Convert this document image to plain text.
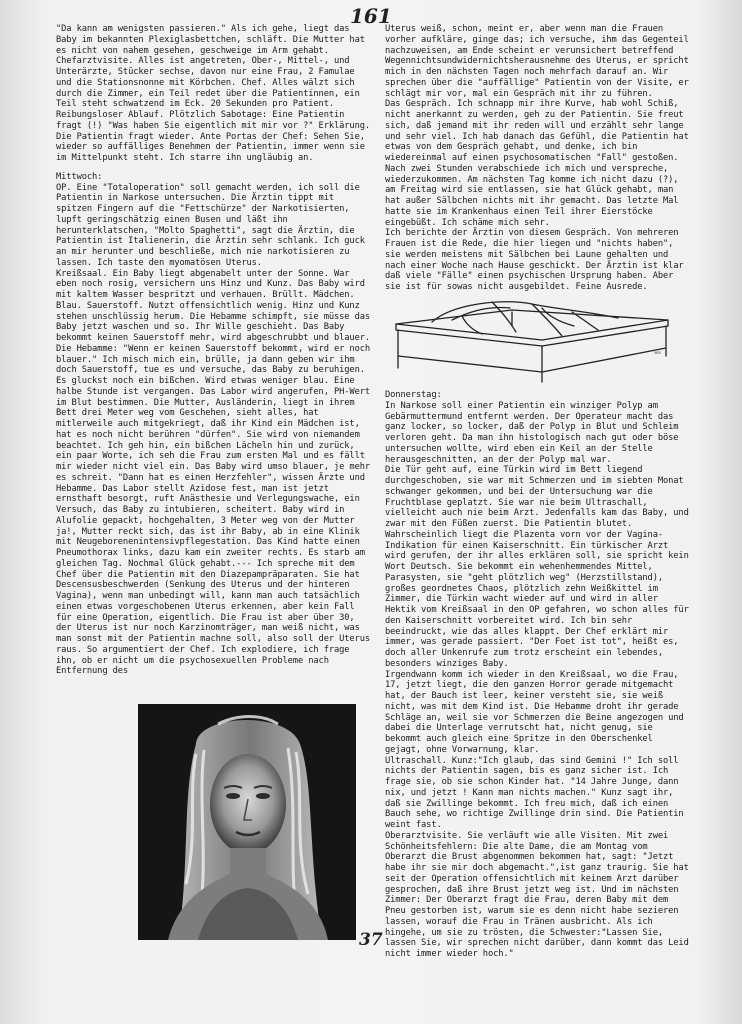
161

"Da kann am wenigsten passieren." Als ich gehe, liegt das Baby im bekannten Plexiglasbettchen, schläft. Die Mutter hat es nicht von nahem gesehen, geschweige im Arm gehabt. Chefarztvisite. Alles ist angetreten, Ober-, Mittel-, und Unterärzte, Stücker sechse, davon nur eine Frau, 2 Famulae und die Stationsnonne mit Körbchen. Chef. Alles wälzt sich durch die Zimmer, ein Teil redet über die Patientinnen, ein Teil steht schwatzend im Eck. 20 Sekunden pro Patient. Reibungsloser Ablauf. Plötzlich Sabotage: Eine Patientin fragt (!) "Was haben Sie eigentlich mit mir vor ?" Erklärung. Die Patientin fragt wieder. Ante Portas der Chef: Sehen Sie, wieder so auffälliges Benehmen der Patientin, immer wenn sie im Mittelpunkt steht. Ich starre ihn ungläubig an.

Mittwoch:
OP. Eine "Totaloperation" soll gemacht werden, ich soll die Patientin in Narkose untersuchen. Die Ärztin tippt mit spitzen Fingern auf die "Fettschürze" der Narkotisierten, lupft geringschätzig einen Busen und läßt ihn herunterklatschen, "Molto Spaghetti", sagt die Ärztin, die Patientin ist Italienerin, die Ärztin sehr schlank. Ich guck an mir herunter und beschließe, mich nie narkotisieren zu lassen. Ich taste den myomatösen Uterus.
Kreißsaal. Ein Baby liegt abgenabelt unter der Sonne. War eben noch rosig, versichern uns Hinz und Kunz. Das Baby wird mit kaltem Wasser bespritzt und verhauen. Brüllt. Mädchen. Blau. Sauerstoff. Nutzt offensichtlich wenig. Hinz und Kunz stehen unschlüssig herum. Die Hebamme schimpft, sie müsse das Baby jetzt waschen und so. Ihr Wille geschieht. Das Baby bekommt keinen Sauerstoff mehr, wird abgeschrubbt und blauer. Die Hebamme: "Wenn er keinen Sauerstoff bekommt, wird er noch blauer." Ich misch mich ein, brülle, ja dann geben wir ihm doch Sauerstoff, tue es und versuche, das Baby zu beruhigen. Es gluckst noch ein bißchen. Wird etwas weniger blau. Eine halbe Stunde ist vergangen. Das Labor wird angerufen, PH-Wert im Blut bestimmen. Die Mutter, Ausländerin, liegt in ihrem Bett drei Meter weg vom Geschehen, sieht alles, hat mitlerweile auch mitgekriegt, daß ihr Kind ein Mädchen ist, hat es noch nicht berühren "dürfen". Sie wird von niemandem beachtet. Ich geh hin, ein bißchen Lächeln hin und zurück, ein paar Worte, ich seh die Frau zum ersten Mal und es fällt mir wieder nicht viel ein. Das Baby wird umso blauer, je mehr es schreit. "Dann hat es einen Herzfehler", wissen Ärzte und Hebamme. Das Labor stellt Azidose fest, man ist jetzt ernsthaft besorgt, ruft Anästhesie und Verlegungswache, ein Versuch, das Baby zu intubieren, scheitert. Baby wird in Alufolie gepackt, hochgehalten, 3 Meter weg von der Mutter ja!, Mutter reckt sich, das ist ihr Baby, ab in eine Klinik mit Neugeborenenintensivpflegestation. Das Kind hatte einen Pneumothorax links, dazu kam ein zweiter rechts. Es starb am gleichen Tag. Nochmal Glück gehabt.--- Ich spreche mit dem Chef über die Patientin mit den Diazepampräparaten. Sie hat Descensusbeschwerden (Senkung des Uterus und der hinteren Vagina), wenn man unbedingt will, kann man auch tatsächlich einen etwas vorgeschobenen Uterus erkennen, aber kein Fall für eine Operation, eigentlich. Die Frau ist aber über 30, der Uterus ist nur noch Karzinomträger, man weiß nicht, was man sonst mit der Patientin machne soll, also soll der Uterus raus. So argumentiert der Chef. Ich explodiere, ich frage ihn, ob er nicht um die psychosexuellen Probleme nach Entfernung des

Uterus weiß, schon, meint er, aber wenn man die Frauen vorher aufkläre, ginge das; ich versuche, ihm das Gegenteil nachzuweisen, am Ende scheint er verunsichert betreffend Wegennichtsundwidernichtsherausnehme des Uterus, er spricht mich in den nächsten Tagen noch mehrfach darauf an. Wir sprechen über die "auffällige" Patientin von der Visite, er schlägt mir vor, mal ein Gespräch mit ihr zu führen.

Das Gespräch. Ich schnapp mir ihre Kurve, hab wohl Schiß, nicht anerkannt zu werden, geh zu der Patientin. Sie freut sich, daß jemand mit ihr reden will und erzählt sehr lange und sehr viel. Ich hab danach das Gefühl, die Patientin hat etwas von dem Gespräch gehabt, und denke, ich bin wiedereinmal auf einen psychosomatischen "Fall" gestoßen. Nach zwei Stunden verabschiede ich mich und verspreche, wiederzukommen. Am nächsten Tag komme ich nicht dazu (?), am Freitag wird sie entlassen, sie hat Glück gehabt, man hat außer Sälbchen nichts mit ihr gemacht. Das letzte Mal hatte sie im Krankenhaus einen Teil ihrer Eierstöcke eingebüßt. Ich schäme mich sehr.

Ich berichte der Ärztin von diesem Gespräch. Von mehreren Frauen ist die Rede, die hier liegen und "nichts haben", sie werden meistens mit Sälbchen bei Laune gehalten und nach einer Woche nach Hause geschickt. Der Ärztin ist klar daß viele "Fälle" einen psychischen Ursprung haben. Aber sie ist für sowas nicht ausgebildet. Feine Ausrede.

ws

Donnerstag:
In Narkose soll einer Patientin ein winziger Polyp am Gebärmuttermund entfernt werden. Der Operateur macht das ganz locker, so locker, daß der Polyp in Blut und Schleim verloren geht. Da man ihn histologisch nach gut oder böse untersuchen wollte, wird eben ein Keil an der Stelle herausgeschnitten, an der der Polyp mal war.

Die Tür geht auf, eine Türkin wird im Bett liegend durchgeschoben, sie war mit Schmerzen und im siebten Monat schwanger gekommen, und bei der Untersuchung war die Fruchtblase geplatzt. Sie war nie beim Ultraschall, vielleicht auch nie beim Arzt. Jedenfalls kam das Baby, und zwar mit den Füßen zuerst. Die Patientin blutet. Wahrscheinlich liegt die Plazenta vorn vor der Vagina-Indikation für einen Kaiserschnitt. Ein türkischer Arzt wird gerufen, der ihr alles erklären soll, sie spricht kein Wort Deutsch. Sie bekommt ein wehenhemmendes Mittel, Parasysten, sie "geht plötzlich weg" (Herzstillstand), großes geordnetes Chaos, plötzlich zehn Weißkittel im Zimmer, die Türkin wacht wieder auf und wird in aller Hektik vom Kreißsaal in den OP gefahren, wo schon alles für den Kaiserschnitt vorbereitet wird. Ich bin sehr beeindruckt, wie das alles klappt. Der Chef erklärt mir immer, was gerade passiert. "Der Foet ist tot", heißt es, doch aller Unkenrufe zum trotz erscheint ein lebendes, besonders winziges Baby.

Irgendwann komm ich wieder in den Kreißsaal, wo die Frau, 17, jetzt liegt, die den ganzen Horror gerade mitgemacht hat, der Bauch ist leer, keiner versteht sie, sie weiß nicht, was mit dem Kind ist. Die Hebamme droht ihr gerade Schläge an, weil sie vor Schmerzen die Beine angezogen und dabei die Unterlage verrutscht hat, nicht genug, sie bekommt auch gleich eine Spritze in den Oberschenkel gejagt, ohne Vorwarnung, klar.

Ultraschall. Kunz:"Ich glaub, das sind Gemini !" Ich soll nichts der Patientin sagen, bis es ganz sicher ist. Ich frage sie, ob sie schon Kinder hat. "14 Jahre Junge, dann nix, und jetzt ! Kann man nichts machen." Kunz sagt ihr, daß sie Zwillinge bekommt. Ich freu mich, daß ich einen Bauch sehe, wo richtige Zwillinge drin sind. Die Patientin weint fast.

Oberarztvisite. Sie verläuft wie alle Visiten. Mit zwei Schönheitsfehlern: Die alte Dame, die am Montag vom Oberarzt die Brust abgenommen bekommen hat, sagt: "Jetzt habe ihr sie mir doch abgemacht.",ist ganz traurig. Sie hat seit der Operation offensichtlich mit keinem Arzt darüber gesprochen, daß ihre Brust jetzt weg ist. Und im nächsten Zimmer: Der Oberarzt fragt die Frau, deren Baby mit dem Pneu gestorben ist, warum sie es denn nicht habe sezieren lassen, worauf die Frau in Tränen ausbricht. Als ich hingehe, um sie zu trösten, die Schwester:"Lassen Sie, lassen Sie, wir sprechen nicht darüber, dann kommt das Leid nicht immer wieder hoch."

37
